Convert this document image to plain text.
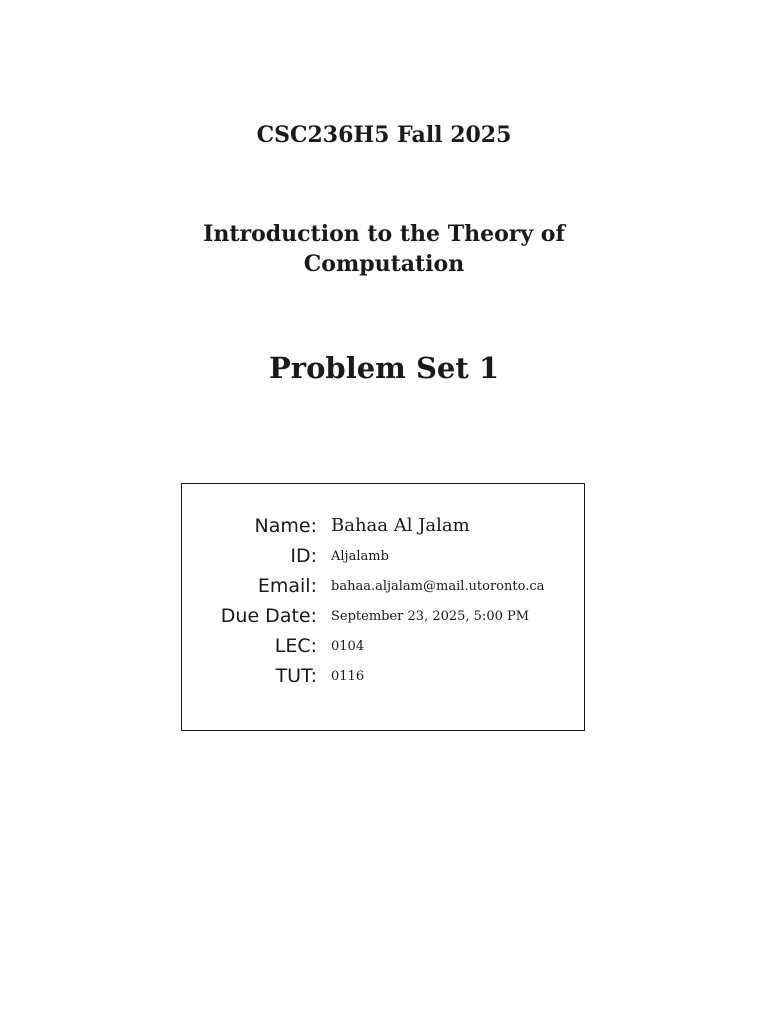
CSC236H5 Fall 2025
Introduction to the Theory of Computation
Problem Set 1
Name: Bahaa Al Jalam
ID: Aljalamb
Email: bahaa.aljalam@mail.utoronto.ca
Due Date: September 23, 2025, 5:00 PM
LEC: 0104
TUT: 0116
